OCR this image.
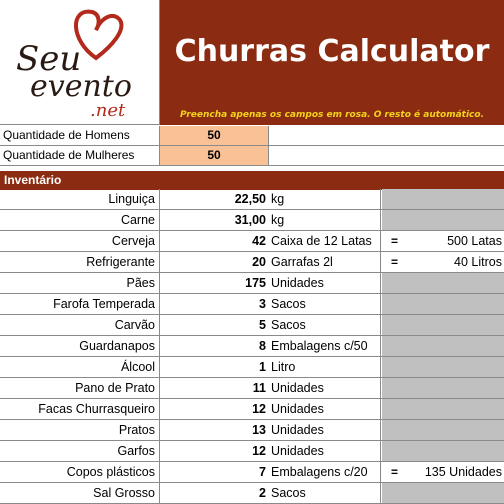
Seu
evento
.net
Churras Calculator
Preencha apenas os campos em rosa. O resto é automático.
Quantidade de Homens	50
Quantidade de Mulheres	50
Inventário
Linguiça	22,50 kg
Carne	31,00 kg
Cerveja	42 Caixa de 12 Latas	=	500 Latas
Refrigerante	20 Garrafas 2l	=	40 Litros
Pães	175 Unidades
Farofa Temperada	3 Sacos
Carvão	5 Sacos
Guardanapos	8 Embalagens c/50
Álcool	1 Litro
Pano de Prato	11 Unidades
Facas Churrasqueiro	12 Unidades
Pratos	13 Unidades
Garfos	12 Unidades
Copos plásticos	7 Embalagens c/20	=	135 Unidades
Sal Grosso	2 Sacos
